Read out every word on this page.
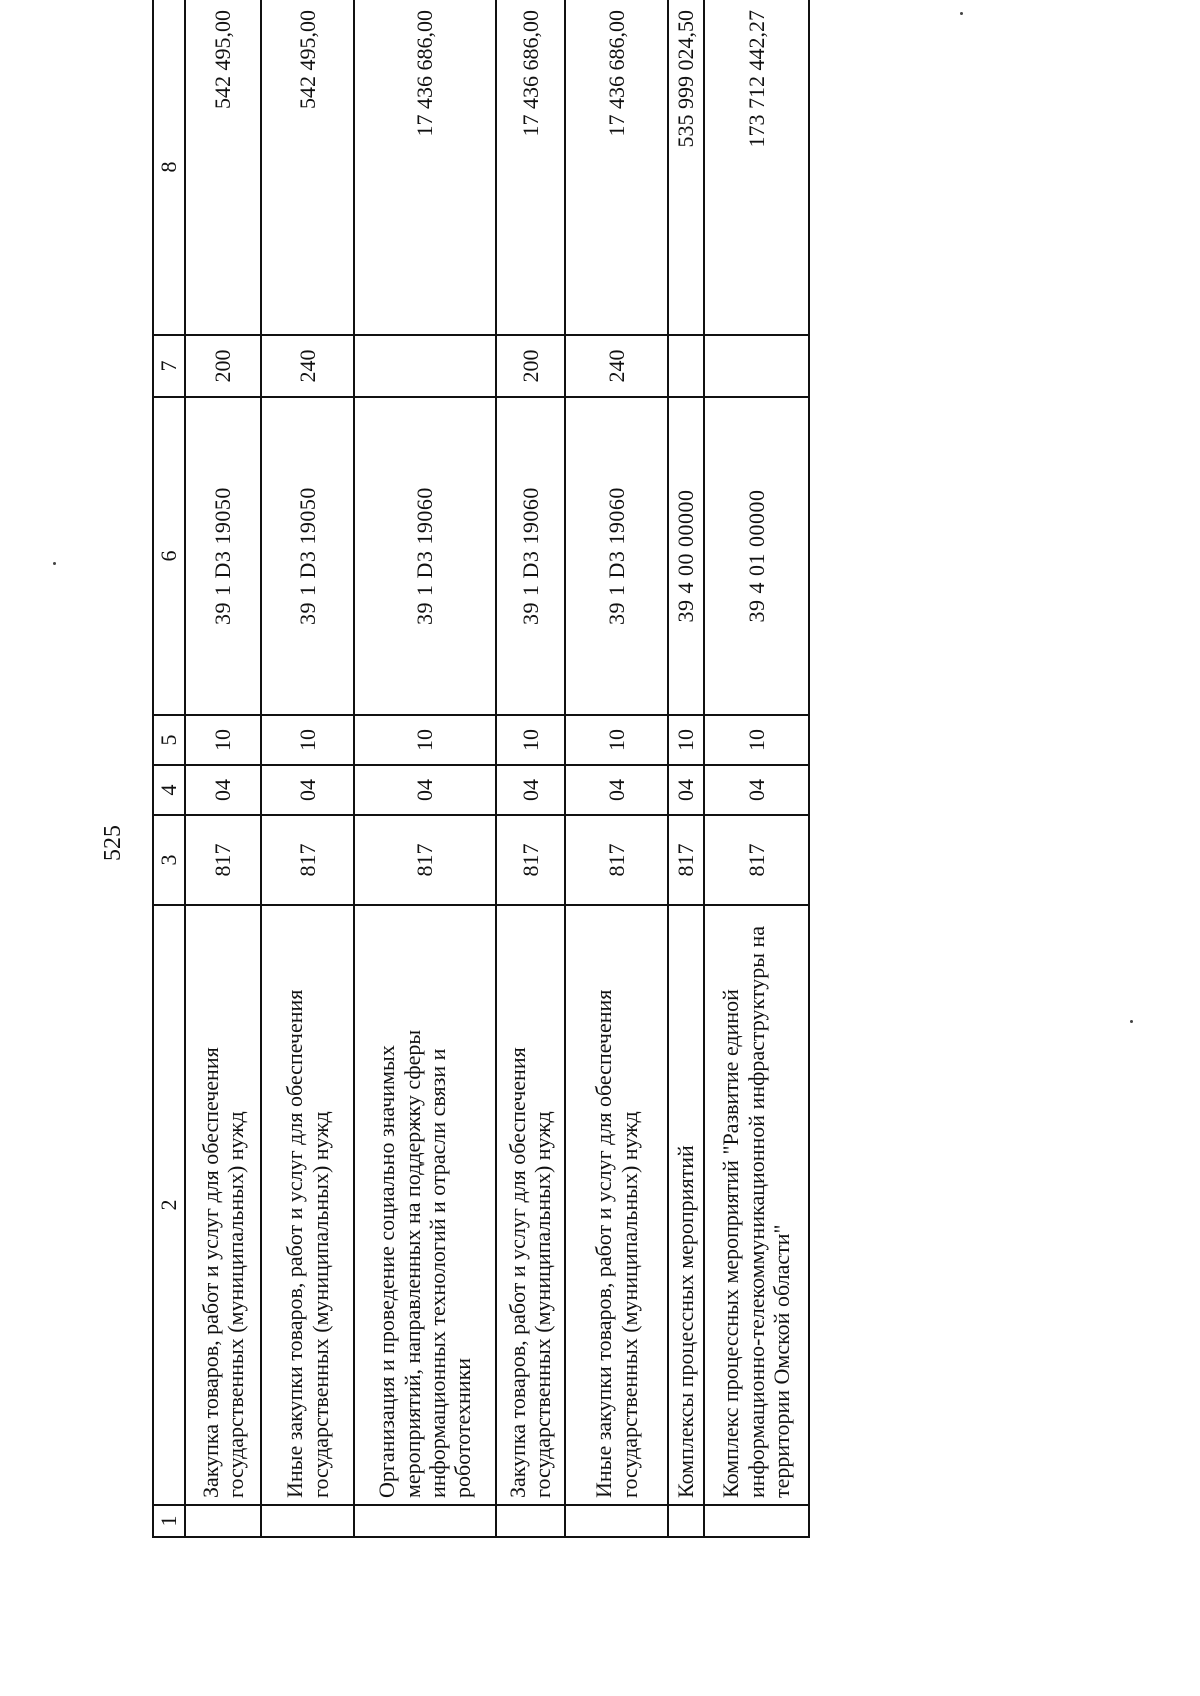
525
1	2	3	4	5	6	7	8
	Закупка товаров, работ и услуг для обеспечения государственных (муниципальных) нужд	817	04	10	39 1 D3 19050	200	542 495,00
	Иные закупки товаров, работ и услуг для обеспечения государственных (муниципальных) нужд	817	04	10	39 1 D3 19050	240	542 495,00
	Организация и проведение социально значимых мероприятий, направленных на поддержку сферы информационных технологий и отрасли связи и робототехники	817	04	10	39 1 D3 19060		17 436 686,00
	Закупка товаров, работ и услуг для обеспечения государственных (муниципальных) нужд	817	04	10	39 1 D3 19060	200	17 436 686,00
	Иные закупки товаров, работ и услуг для обеспечения государственных (муниципальных) нужд	817	04	10	39 1 D3 19060	240	17 436 686,00
	Комплексы процессных мероприятий	817	04	10	39 4 00 00000		535 999 024,50
	Комплекс процессных мероприятий "Развитие единой информационно-телекоммуникационной инфраструктуры на территории Омской области"	817	04	10	39 4 01 00000		173 712 442,27
